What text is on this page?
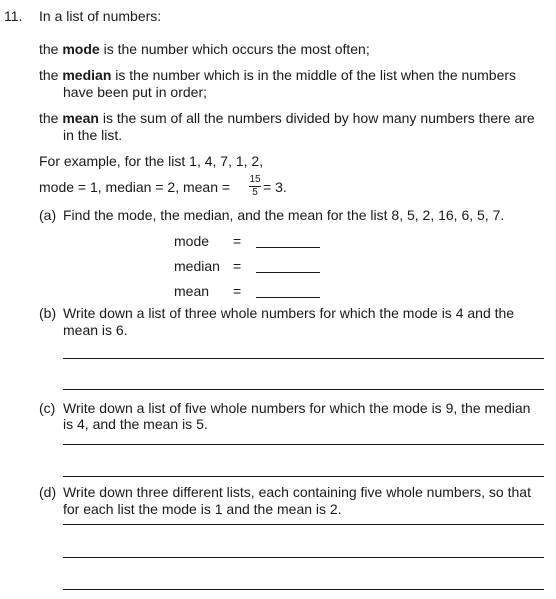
11. In a list of numbers:
the mode is the number which occurs the most often;
the median is the number which is in the middle of the list when the numbers
have been put in order;
the mean is the sum of all the numbers divided by how many numbers there are
in the list.
For example, for the list 1, 4, 7, 1, 2,
mode = 1, median = 2, mean = 15
5 = 3.
(a) Find the mode, the median, and the mean for the list 8, 5, 2, 16, 6, 5, 7.
mode =
median =
mean =
(b) Write down a list of three whole numbers for which the mode is 4 and the
mean is 6.
(c) Write down a list of five whole numbers for which the mode is 9, the median
is 4, and the mean is 5.
(d) Write down three different lists, each containing five whole numbers, so that
for each list the mode is 1 and the mean is 2.
